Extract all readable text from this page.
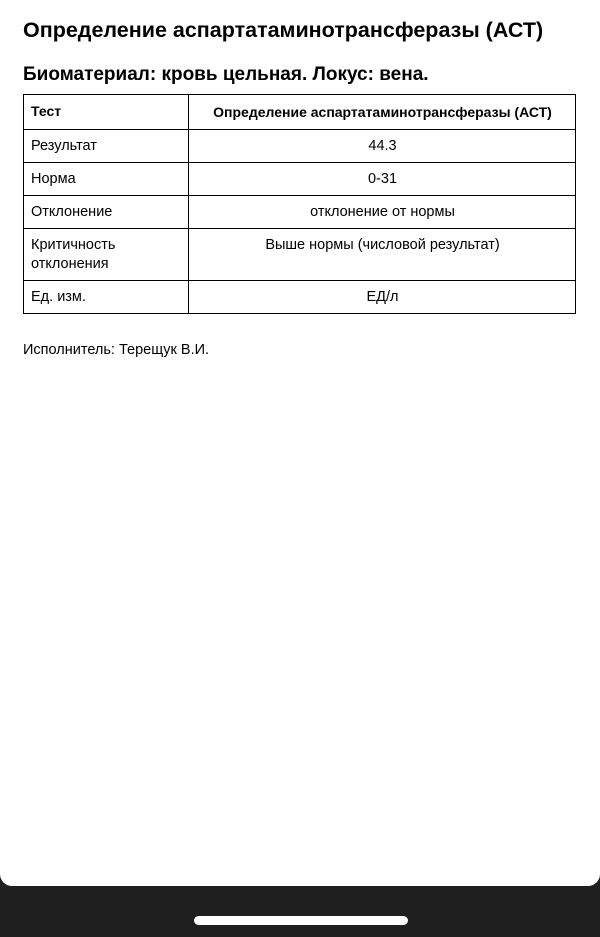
Определение аспартатаминотрансферазы (АСТ)
Биоматериал: кровь цельная. Локус: вена.
Тест	Определение аспартатаминотрансферазы (АСТ)
Результат	44.3
Норма	0-31
Отклонение	отклонение от нормы
Критичность отклонения	Выше нормы (числовой результат)
Ед. изм.	ЕД/л

Исполнитель: Терещук В.И.
